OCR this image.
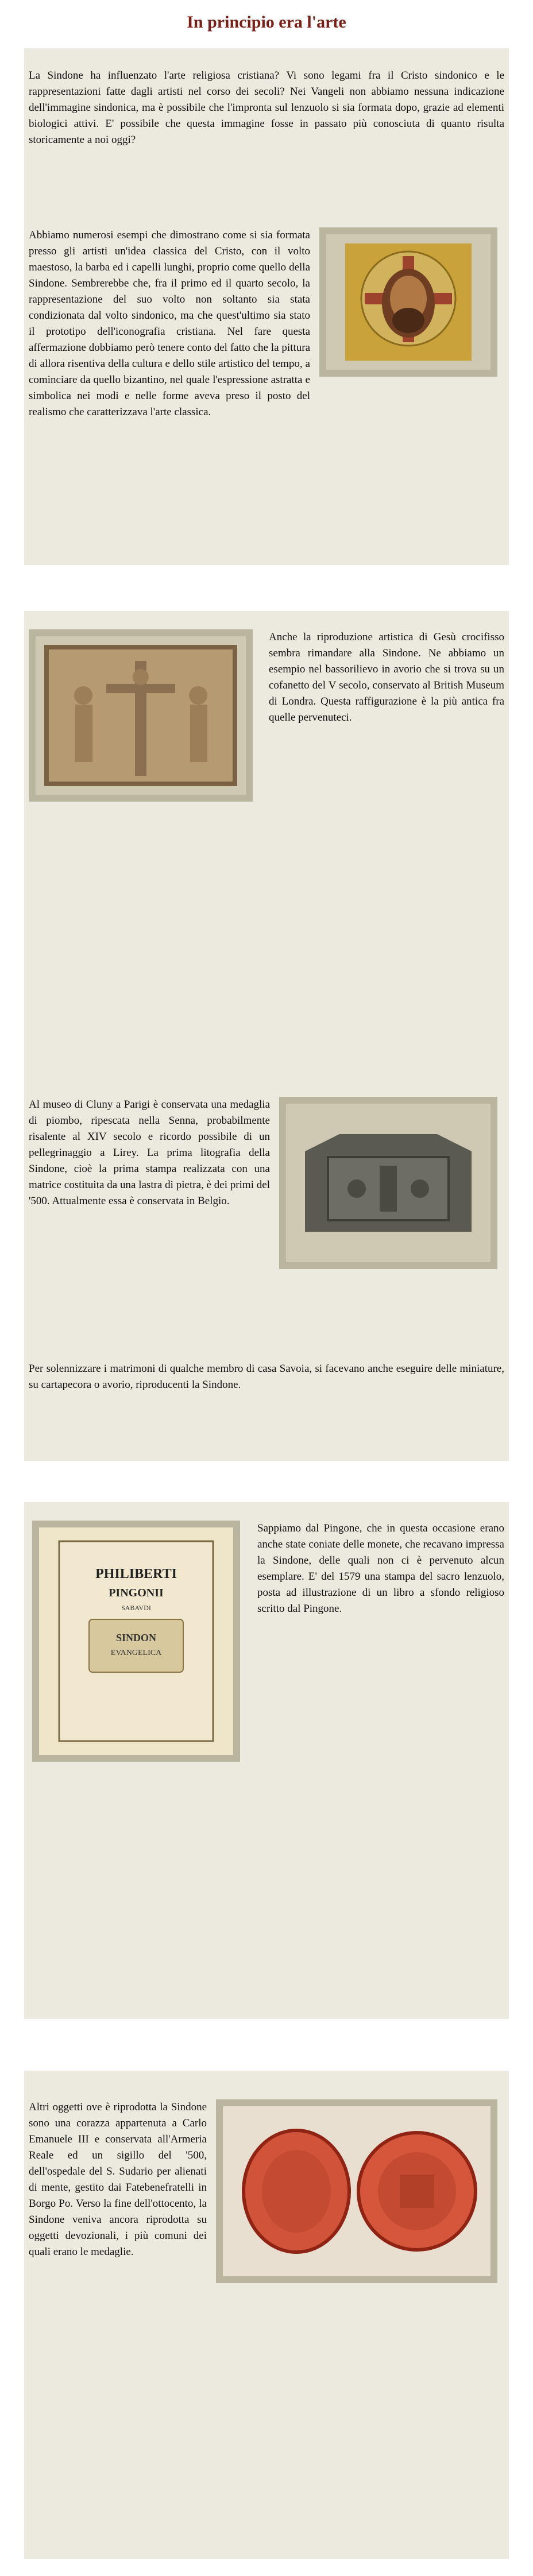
In principio era l'arte
La Sindone ha influenzato l'arte religiosa cristiana? Vi sono legami fra il Cristo sindonico e le rappresentazioni fatte dagli artisti nel corso dei secoli? Nei Vangeli non abbiamo nessuna indicazione dell'immagine sindonica, ma è possibile che l'impronta sul lenzuolo si sia formata dopo, grazie ad elementi biologici attivi. E' possibile che questa immagine fosse in passato più conosciuta di quanto risulta storicamente a noi oggi?
Abbiamo numerosi esempi che dimostrano come si sia formata presso gli artisti un'idea classica del Cristo, con il volto maestoso, la barba ed i capelli lunghi, proprio come quello della Sindone. Sembrerebbe che, fra il primo ed il quarto secolo, la rappresentazione del suo volto non soltanto sia stata condizionata dal volto sindonico, ma che quest'ultimo sia stato il prototipo dell'iconografia cristiana. Nel fare questa affermazione dobbiamo però tenere conto del fatto che la pittura di allora risentiva della cultura e dello stile artistico del tempo, a cominciare da quello bizantino, nel quale l'espressione astratta e simbolica nei modi e nelle forme aveva preso il posto del realismo che caratterizzava l'arte classica.
Anche la riproduzione artistica di Gesù crocifisso sembra rimandare alla Sindone. Ne abbiamo un esempio nel bassorilievo in avorio che si trova su un cofanetto del V secolo, conservato al British Museum di Londra. Questa raffigurazione è la più antica fra quelle pervenuteci.
Al museo di Cluny a Parigi è conservata una medaglia di piombo, ripescata nella Senna, probabilmente risalente al XIV secolo e ricordo possibile di un pellegrinaggio a Lirey. La prima litografia della Sindone, cioè la prima stampa realizzata con una matrice costituita da una lastra di pietra, è dei primi del '500. Attualmente essa è conservata in Belgio.
Per solennizzare i matrimoni di qualche membro di casa Savoia, si facevano anche eseguire delle miniature, su cartapecora o avorio, riproducenti la Sindone.
PHILIBERTI
PINGONII
SABAVDI
SINDON
EVANGELICA
Sappiamo dal Pingone, che in questa occasione erano anche state coniate delle monete, che recavano impressa la Sindone, delle quali non ci è pervenuto alcun esemplare. E' del 1579 una stampa del sacro lenzuolo, posta ad illustrazione di un libro a sfondo religioso scritto dal Pingone.
Altri oggetti ove è riprodotta la Sindone sono una corazza appartenuta a Carlo Emanuele III e conservata all'Armeria Reale ed un sigillo del '500, dell'ospedale del S. Sudario per alienati di mente, gestito dai Fatebenefratelli in Borgo Po. Verso la fine dell'ottocento, la Sindone veniva ancora riprodotta su oggetti devozionali, i più comuni dei quali erano le medaglie.
